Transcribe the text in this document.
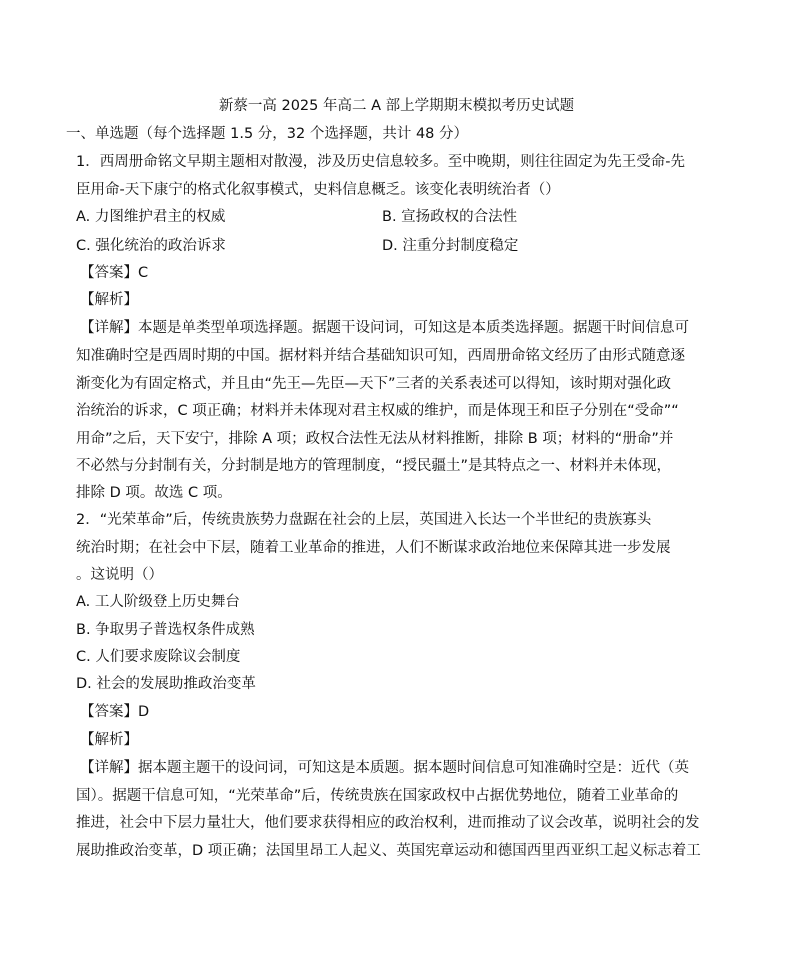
新蔡一高 2025 年高二 A 部上学期期末模拟考历史试题
一、单选题（每个选择题 1.5 分，32 个选择题，共计 48 分）
1．西周册命铭文早期主题相对散漫，涉及历史信息较多。至中晚期，则往往固定为先王受命-先
臣用命-天下康宁的格式化叙事模式，史料信息概乏。该变化表明统治者（）
A. 力图维护君主的权威	B. 宣扬政权的合法性
C. 强化统治的政治诉求	D. 注重分封制度稳定
【答案】C
【解析】
【详解】本题是单类型单项选择题。据题干设问词，可知这是本质类选择题。据题干时间信息可
知准确时空是西周时期的中国。据材料并结合基础知识可知，西周册命铭文经历了由形式随意逐
渐变化为有固定格式，并且由“先王—先臣—天下”三者的关系表述可以得知，该时期对强化政
治统治的诉求，C 项正确；材料并未体现对君主权威的维护，而是体现王和臣子分别在“受命”“
用命”之后，天下安宁，排除 A 项；政权合法性无法从材料推断，排除 B 项；材料的“册命”并
不必然与分封制有关，分封制是地方的管理制度，“授民疆土”是其特点之一、材料并未体现，
排除 D 项。故选 C 项。
2．“光荣革命”后，传统贵族势力盘踞在社会的上层，英国进入长达一个半世纪的贵族寡头
统治时期；在社会中下层，随着工业革命的推进，人们不断谋求政治地位来保障其进一步发展
。这说明（）
A. 工人阶级登上历史舞台
B. 争取男子普选权条件成熟
C. 人们要求废除议会制度
D. 社会的发展助推政治变革
【答案】D
【解析】
【详解】据本题主题干的设问词，可知这是本质题。据本题时间信息可知准确时空是：近代（英
国）。据题干信息可知，“光荣革命”后，传统贵族在国家政权中占据优势地位，随着工业革命的
推进，社会中下层力量壮大，他们要求获得相应的政治权利，进而推动了议会改革，说明社会的发
展助推政治变革，D 项正确；法国里昂工人起义、英国宪章运动和德国西里西亚织工起义标志着工
